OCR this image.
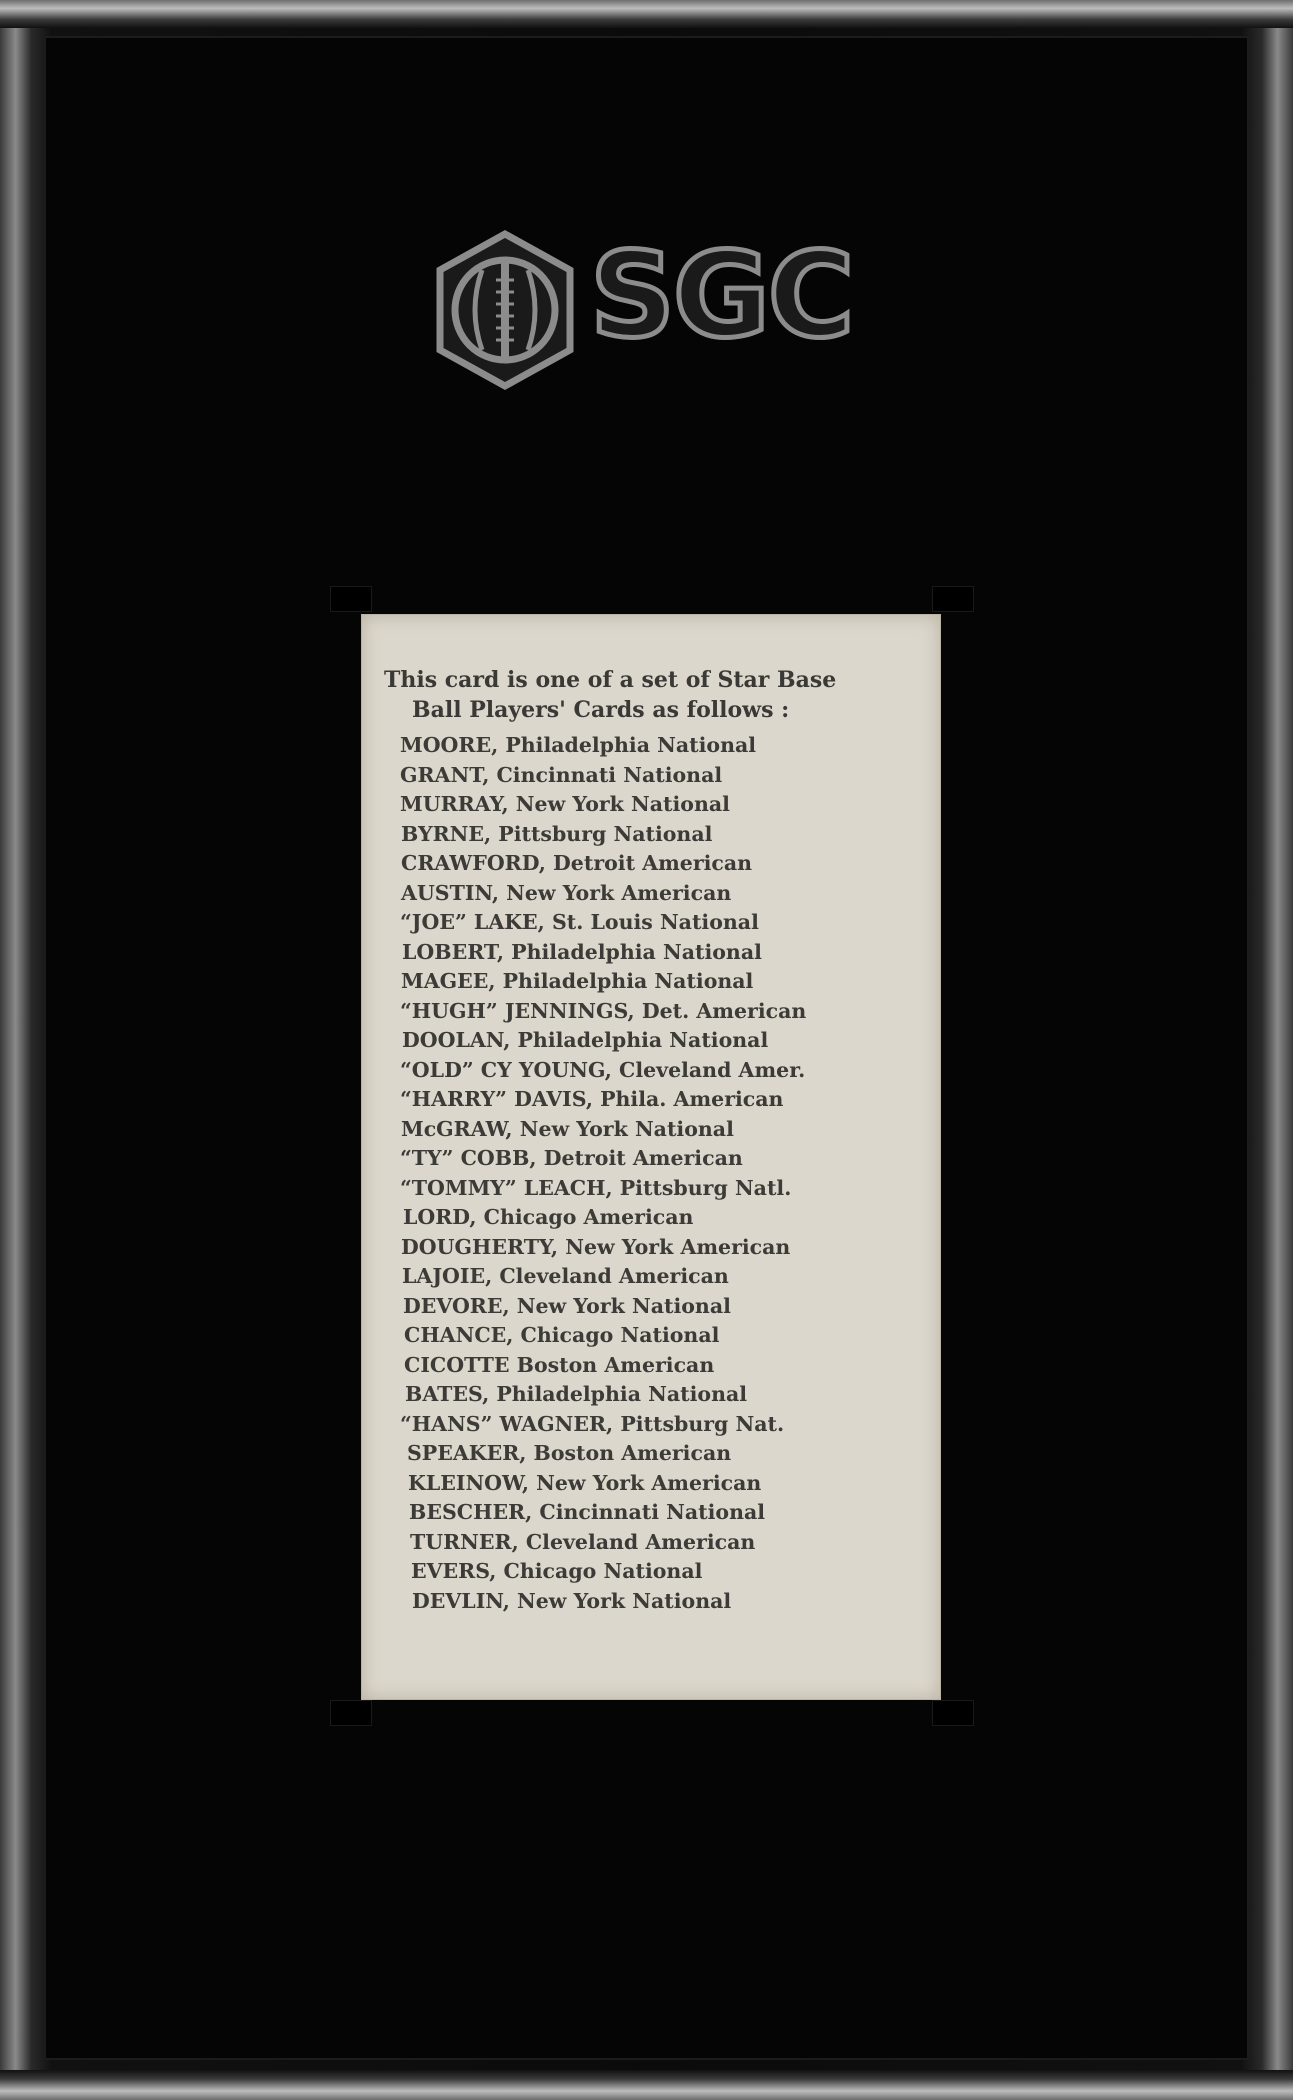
SGC
This card is one of a set of Star Base
Ball Players' Cards as follows :
MOORE, Philadelphia National
GRANT, Cincinnati National
MURRAY, New York National
BYRNE, Pittsburg National
CRAWFORD, Detroit American
AUSTIN, New York American
“JOE” LAKE, St. Louis National
LOBERT, Philadelphia National
MAGEE, Philadelphia National
“HUGH” JENNINGS, Det. American
DOOLAN, Philadelphia National
“OLD” CY YOUNG, Cleveland Amer.
“HARRY” DAVIS, Phila. American
McGRAW, New York National
“TY” COBB, Detroit American
“TOMMY” LEACH, Pittsburg Natl.
LORD, Chicago American
DOUGHERTY, New York American
LAJOIE, Cleveland American
DEVORE, New York National
CHANCE, Chicago National
CICOTTE Boston American
BATES, Philadelphia National
“HANS” WAGNER, Pittsburg Nat.
SPEAKER, Boston American
KLEINOW, New York American
BESCHER, Cincinnati National
TURNER, Cleveland American
EVERS, Chicago National
DEVLIN, New York National
